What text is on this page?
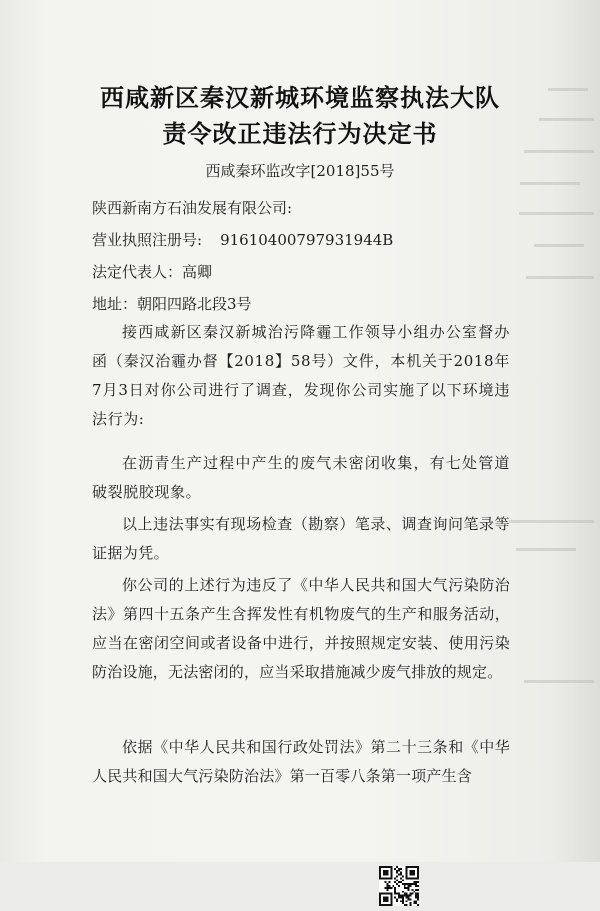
西咸新区秦汉新城环境监察执法大队
责令改正违法行为决定书
西咸秦环监改字[2018]55号
陕西新南方石油发展有限公司:
营业执照注册号: 91610400797931944B
法定代表人：高卿
地址：朝阳四路北段3号

接西咸新区秦汉新城治污降霾工作领导小组办公室督办函（秦汉治霾办督【2018】58号）文件，本机关于2018年7月3日对你公司进行了调查，发现你公司实施了以下环境违法行为:

在沥青生产过程中产生的废气未密闭收集，有七处管道破裂脱胶现象。

以上违法事实有现场检查（勘察）笔录、调查询问笔录等证据为凭。

你公司的上述行为违反了《中华人民共和国大气污染防治法》第四十五条产生含挥发性有机物废气的生产和服务活动，应当在密闭空间或者设备中进行，并按照规定安装、使用污染防治设施，无法密闭的，应当采取措施减少废气排放的规定。

依据《中华人民共和国行政处罚法》第二十三条和《中华人民共和国大气污染防治法》第一百零八条第一项产生含
